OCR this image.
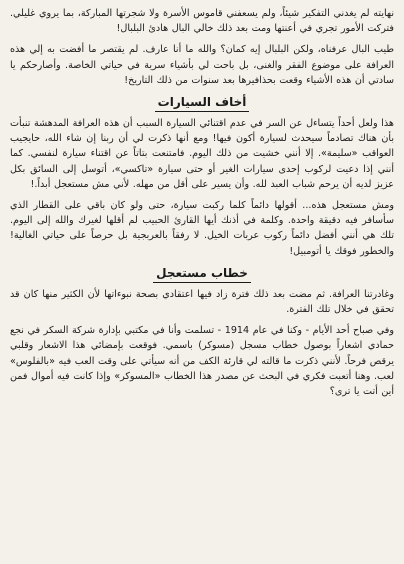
نهايته لم يغدني التفكير شيئاً، ولم يسعفني قاموس الأسرة ولا شجرتها المباركة، بما يروي غليلي. فتركت الأمور تجري في أعنتها ومت بعد ذلك خالي البال هادئ البلبال!

طيب البال عرفناه، ولكن البلبال إيه كمان؟ والله ما أنا عارف. لم يقتصر ما أفضت به إلي هذه العرافة على موضوع الفقر والغنى، بل باحت لي بأشياء سرية في حياتي الخاصة. وأصارحكم يا سادتي أن هذه الأشياء وقعت بحذافيرها بعد سنوات من ذلك التاريخ!

أخاف السيارات

هذا ولعل أحداً يتساءل عن السر في عدم اقتنائي السيارة السبب أن هذه العرافة المدهشة تنبأت بأن هناك تصادماً سيحدث لسيارة أكون فيها! ومع أنها ذكرت لي أن ربنا إن شاء الله، حايجيب العواقب «سليمة». إلا أنني خشيت من ذلك اليوم. فامتنعت بتاتاً عن اقتناء سيارة لنفسي. كما أنني إذا دعيت لركوب إحدى سيارات الغير أو حتى سيارة «تاكسي»، أتوسل إلى السائق بكل عزيز لديه أن يرحم شباب العبد لله. وأن يسير على أقل من مهله. لأني مش مستعجل أبداً.!

ومش مستعجل هذه... أقولها دائماً كلما ركبت سيارة، حتى ولو كان باقي على القطار الذي سأسافر فيه دقيقة واحدة. وكلمة في أذنك أيها القارئ الحبيب لم أقلها لغيرك والله إلى اليوم. تلك هي أنني أفضل دائماً ركوب عربات الخيل. لا رفقاً بالعربجية بل حرصاً على حياتي الغالية! والخطور فوقك يا أتومبيل!

خطاب مستعجل

وغادرتنا العرافة. ثم مضت بعد ذلك فترة زاد فيها اعتقادي بصحة نبوءاتها لأن الكثير منها كان قد تحقق في خلال تلك الفترة.

وفي صباح أحد الأيام - وكنا في عام 1914 - تسلمت وأنا في مكتبي بإدارة شركة السكر في نجع حمادي اشعاراً بوصول خطاب مسجل (مسوكر) باسمي. فوقعت بإمضائي هذا الاشعار وقلبي يرقص فرحاً. لأنني ذكرت ما قالته لي قارئة الكف من أنه سيأتي على وقت العب فيه «بالفلوس» لعب. وهنا أتعبت فكري في البحث عن مصدر هذا الخطاب «المسوكر» وإذا كانت فيه أموال فمن أين أتت يا ترى؟
